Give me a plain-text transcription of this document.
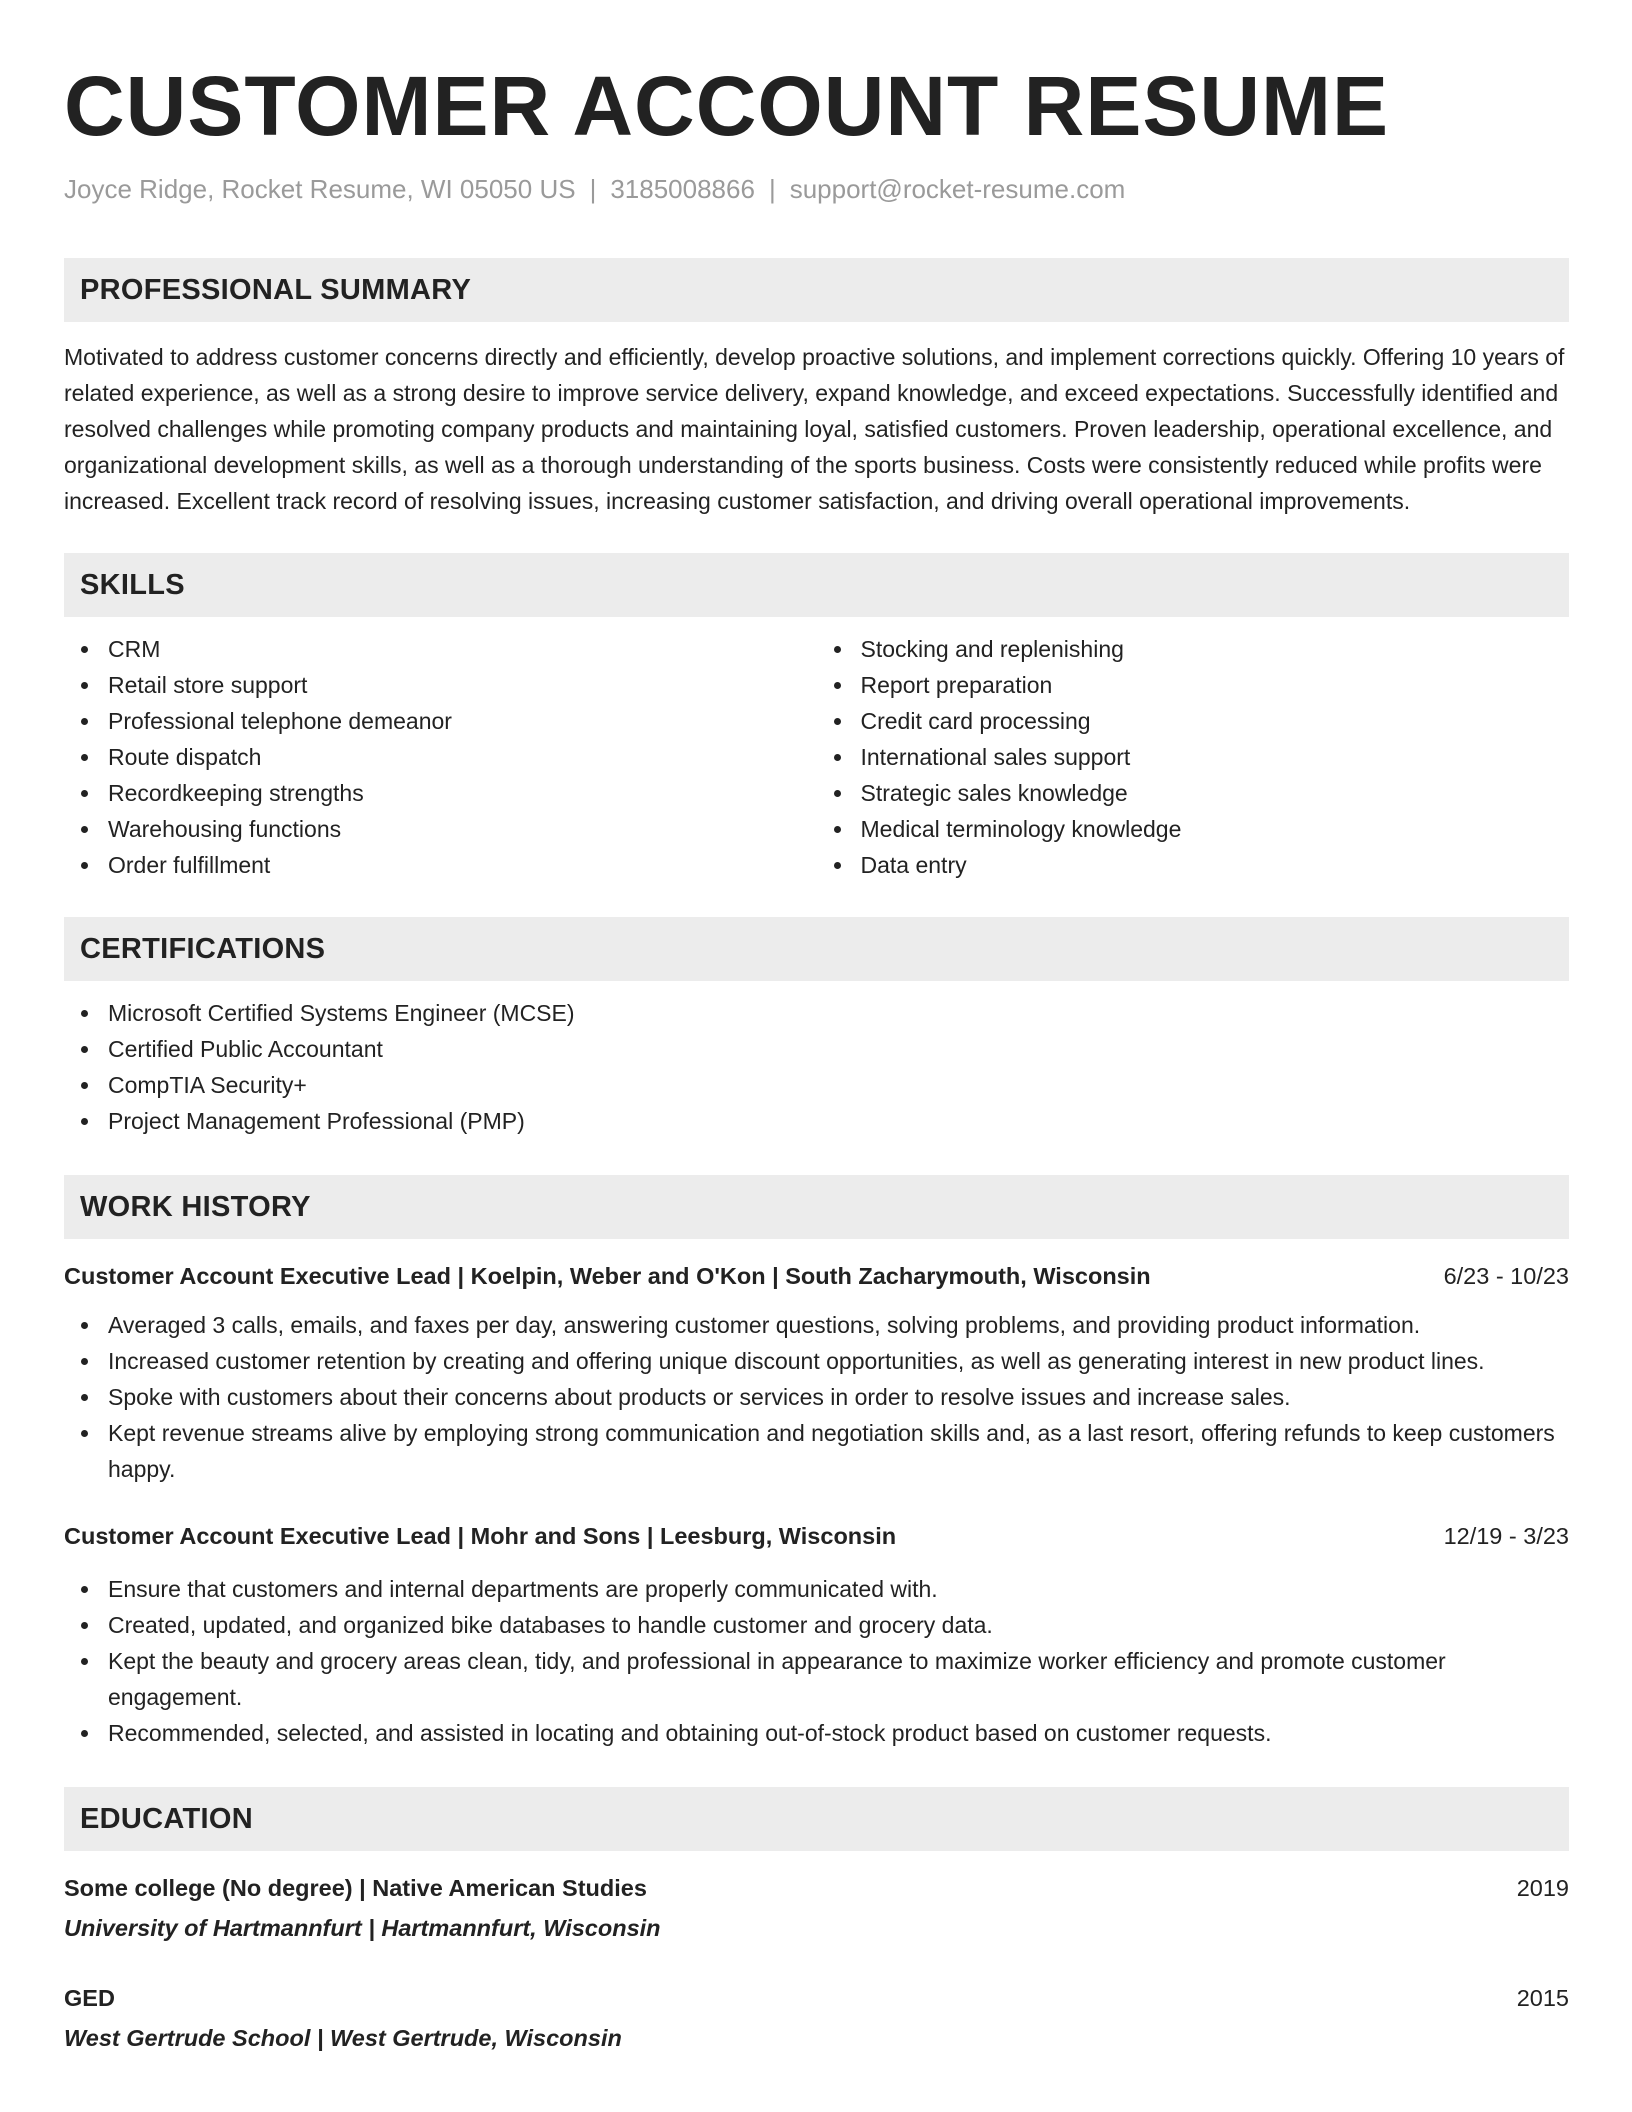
CUSTOMER ACCOUNT RESUME
Joyce Ridge, Rocket Resume, WI 05050 US | 3185008866 | support@rocket-resume.com
PROFESSIONAL SUMMARY

Motivated to address customer concerns directly and efficiently, develop proactive solutions, and implement corrections quickly. Offering 10 years of related experience, as well as a strong desire to improve service delivery, expand knowledge, and exceed expectations. Successfully identified and resolved challenges while promoting company products and maintaining loyal, satisfied customers. Proven leadership, operational excellence, and organizational development skills, as well as a thorough understanding of the sports business. Costs were consistently reduced while profits were increased. Excellent track record of resolving issues, increasing customer satisfaction, and driving overall operational improvements.

SKILLS
CRM
Retail store support
Professional telephone demeanor
Route dispatch
Recordkeeping strengths
Warehousing functions
Order fulfillment
Stocking and replenishing
Report preparation
Credit card processing
International sales support
Strategic sales knowledge
Medical terminology knowledge
Data entry
CERTIFICATIONS
Microsoft Certified Systems Engineer (MCSE)
Certified Public Accountant
CompTIA Security+
Project Management Professional (PMP)
WORK HISTORY
Customer Account Executive Lead | Koelpin, Weber and O'Kon | South Zacharymouth, Wisconsin	6/23 - 10/23
Averaged 3 calls, emails, and faxes per day, answering customer questions, solving problems, and providing product information.
Increased customer retention by creating and offering unique discount opportunities, as well as generating interest in new product lines.
Spoke with customers about their concerns about products or services in order to resolve issues and increase sales.
Kept revenue streams alive by employing strong communication and negotiation skills and, as a last resort, offering refunds to keep customers happy.
Customer Account Executive Lead | Mohr and Sons | Leesburg, Wisconsin	12/19 - 3/23
Ensure that customers and internal departments are properly communicated with.
Created, updated, and organized bike databases to handle customer and grocery data.
Kept the beauty and grocery areas clean, tidy, and professional in appearance to maximize worker efficiency and promote customer engagement.
Recommended, selected, and assisted in locating and obtaining out-of-stock product based on customer requests.
EDUCATION
Some college (No degree) | Native American Studies	2019
University of Hartmannfurt | Hartmannfurt, Wisconsin
GED	2015
West Gertrude School | West Gertrude, Wisconsin
